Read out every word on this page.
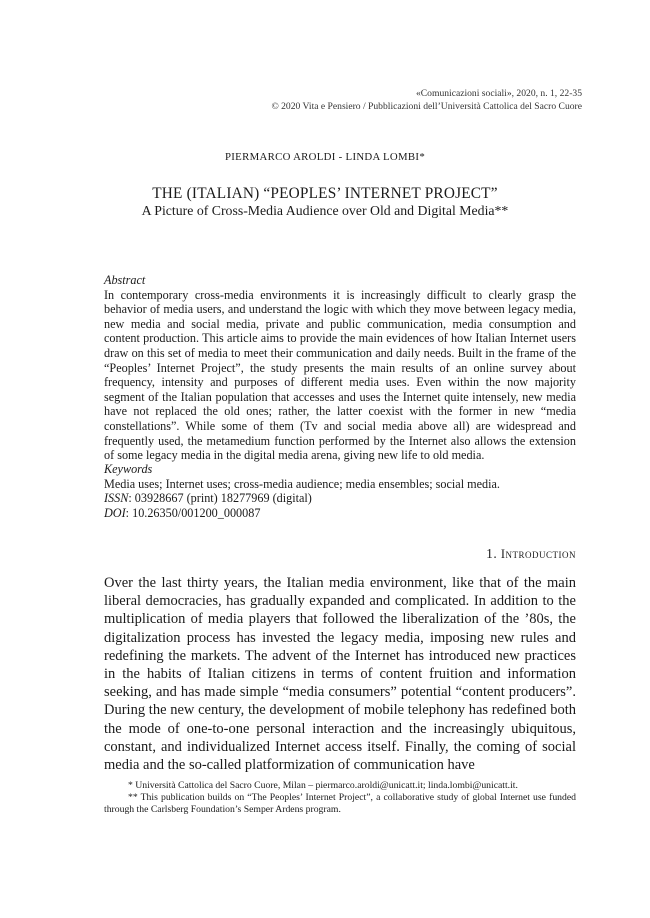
«Comunicazioni sociali», 2020, n. 1, 22-35
© 2020 Vita e Pensiero / Pubblicazioni dell’Università Cattolica del Sacro Cuore
PIERMARCO AROLDI - LINDA LOMBI*
THE (ITALIAN) “PEOPLES’ INTERNET PROJECT”
A Picture of Cross-Media Audience over Old and Digital Media**
Abstract
In contemporary cross-media environments it is increasingly difficult to clearly grasp the behavior of media users, and understand the logic with which they move between legacy media, new media and social media, private and public communication, media consumption and content production. This article aims to provide the main evidences of how Italian Internet users draw on this set of media to meet their communication and daily needs. Built in the frame of the “Peoples’ Internet Project”, the study presents the main results of an online survey about frequency, intensity and purposes of different media uses. Even within the now majority segment of the Italian population that accesses and uses the Internet quite intensely, new media have not replaced the old ones; rather, the latter coexist with the former in new “media constellations”. While some of them (Tv and social media above all) are widespread and frequently used, the metamedium function performed by the Internet also allows the extension of some legacy media in the digital media arena, giving new life to old media.
Keywords
Media uses; Internet uses; cross-media audience; media ensembles; social media.
ISSN: 03928667 (print) 18277969 (digital)
DOI: 10.26350/001200_000087
1. Introduction
Over the last thirty years, the Italian media environment, like that of the main liberal democracies, has gradually expanded and complicated. In addition to the multiplication of media players that followed the liberalization of the ’80s, the digitalization process has invested the legacy media, imposing new rules and redefining the markets. The advent of the Internet has introduced new practices in the habits of Italian citizens in terms of content fruition and information seeking, and has made simple “media consumers” potential “content producers”. During the new century, the development of mobile telephony has redefined both the mode of one-to-one personal interaction and the increasingly ubiquitous, constant, and individualized Internet access itself. Finally, the coming of social media and the so-called platformization of communication have
* Università Cattolica del Sacro Cuore, Milan – piermarco.aroldi@unicatt.it; linda.lombi@unicatt.it.
** This publication builds on “The Peoples’ Internet Project”, a collaborative study of global Internet use funded through the Carlsberg Foundation’s Semper Ardens program.
